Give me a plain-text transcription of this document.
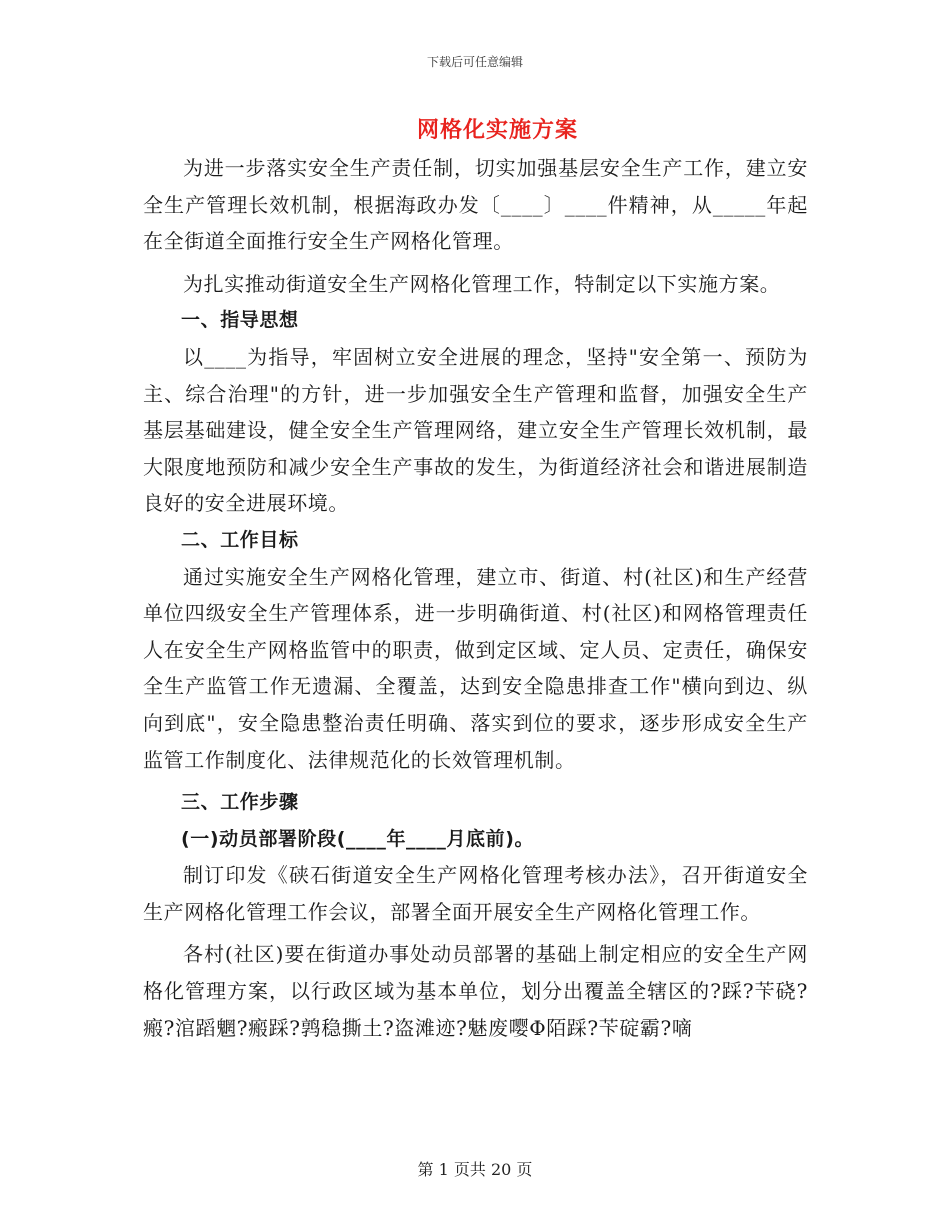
下载后可任意编辑
网格化实施方案

为进一步落实安全生产责任制，切实加强基层安全生产工作，建立安全生产管理长效机制，根据海政办发〔____〕____件精神，从_____年起在全街道全面推行安全生产网格化管理。

为扎实推动街道安全生产网格化管理工作，特制定以下实施方案。

一、指导思想

以____为指导，牢固树立安全进展的理念，坚持"安全第一、预防为主、综合治理"的方针，进一步加强安全生产管理和监督，加强安全生产基层基础建设，健全安全生产管理网络，建立安全生产管理长效机制，最大限度地预防和减少安全生产事故的发生，为街道经济社会和谐进展制造良好的安全进展环境。

二、工作目标

通过实施安全生产网格化管理，建立市、街道、村(社区)和生产经营单位四级安全生产管理体系，进一步明确街道、村(社区)和网格管理责任人在安全生产网格监管中的职责，做到定区域、定人员、定责任，确保安全生产监管工作无遗漏、全覆盖，达到安全隐患排查工作"横向到边、纵向到底"，安全隐患整治责任明确、落实到位的要求，逐步形成安全生产监管工作制度化、法律规范化的长效管理机制。

三、工作步骤

(一)动员部署阶段(____年____月底前)。

制订印发《硖石街道安全生产网格化管理考核办法》，召开街道安全生产网格化管理工作会议，部署全面开展安全生产网格化管理工作。

各村(社区)要在街道办事处动员部署的基础上制定相应的安全生产网格化管理方案，以行政区域为基本单位，划分出覆盖全辖区的?踩?苄硗?瘢?涫蹈魍?瘢踩?鹑稳撕土?盗滩迹?魅废嘤Φ陌踩?苄碇霸?嘀

第 1 页共 20 页
